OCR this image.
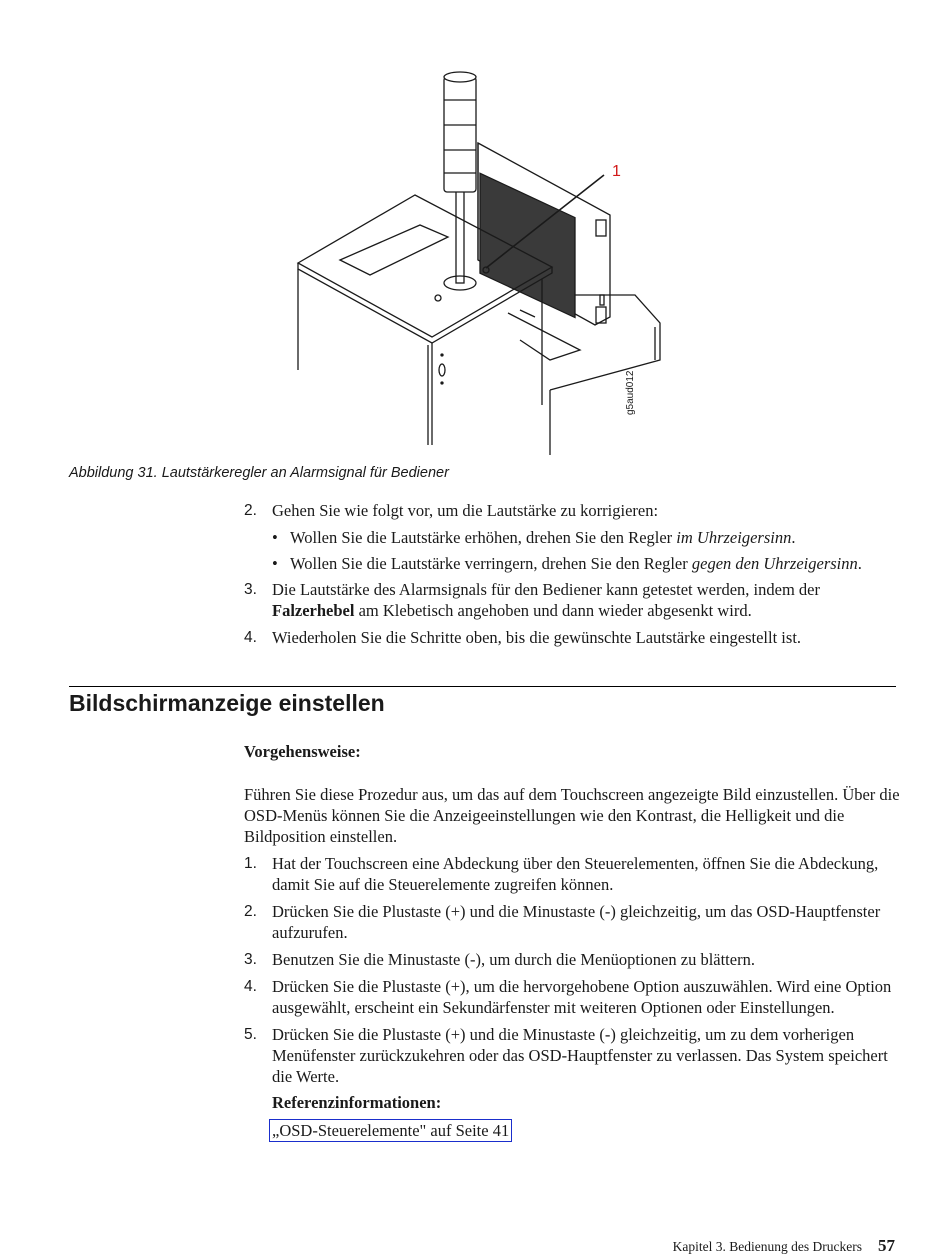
1
g5aud012
Abbildung 31. Lautstärkeregler an Alarmsignal für Bediener
2. Gehen Sie wie folgt vor, um die Lautstärke zu korrigieren:
• Wollen Sie die Lautstärke erhöhen, drehen Sie den Regler im Uhrzeigersinn.
• Wollen Sie die Lautstärke verringern, drehen Sie den Regler gegen den Uhrzeigersinn.
3. Die Lautstärke des Alarmsignals für den Bediener kann getestet werden, indem der Falzerhebel am Klebetisch angehoben und dann wieder abgesenkt wird.
4. Wiederholen Sie die Schritte oben, bis die gewünschte Lautstärke eingestellt ist.
Bildschirmanzeige einstellen
Vorgehensweise:
Führen Sie diese Prozedur aus, um das auf dem Touchscreen angezeigte Bild einzustellen. Über die OSD-Menüs können Sie die Anzeigeeinstellungen wie den Kontrast, die Helligkeit und die Bildposition einstellen.
1. Hat der Touchscreen eine Abdeckung über den Steuerelementen, öffnen Sie die Abdeckung, damit Sie auf die Steuerelemente zugreifen können.
2. Drücken Sie die Plustaste (+) und die Minustaste (-) gleichzeitig, um das OSD-Hauptfenster aufzurufen.
3. Benutzen Sie die Minustaste (-), um durch die Menüoptionen zu blättern.
4. Drücken Sie die Plustaste (+), um die hervorgehobene Option auszuwählen. Wird eine Option ausgewählt, erscheint ein Sekundärfenster mit weiteren Optionen oder Einstellungen.
5. Drücken Sie die Plustaste (+) und die Minustaste (-) gleichzeitig, um zu dem vorherigen Menüfenster zurückzukehren oder das OSD-Hauptfenster zu verlassen. Das System speichert die Werte.
Referenzinformationen:
„OSD-Steuerelemente" auf Seite 41
Kapitel 3. Bedienung des Druckers 57
